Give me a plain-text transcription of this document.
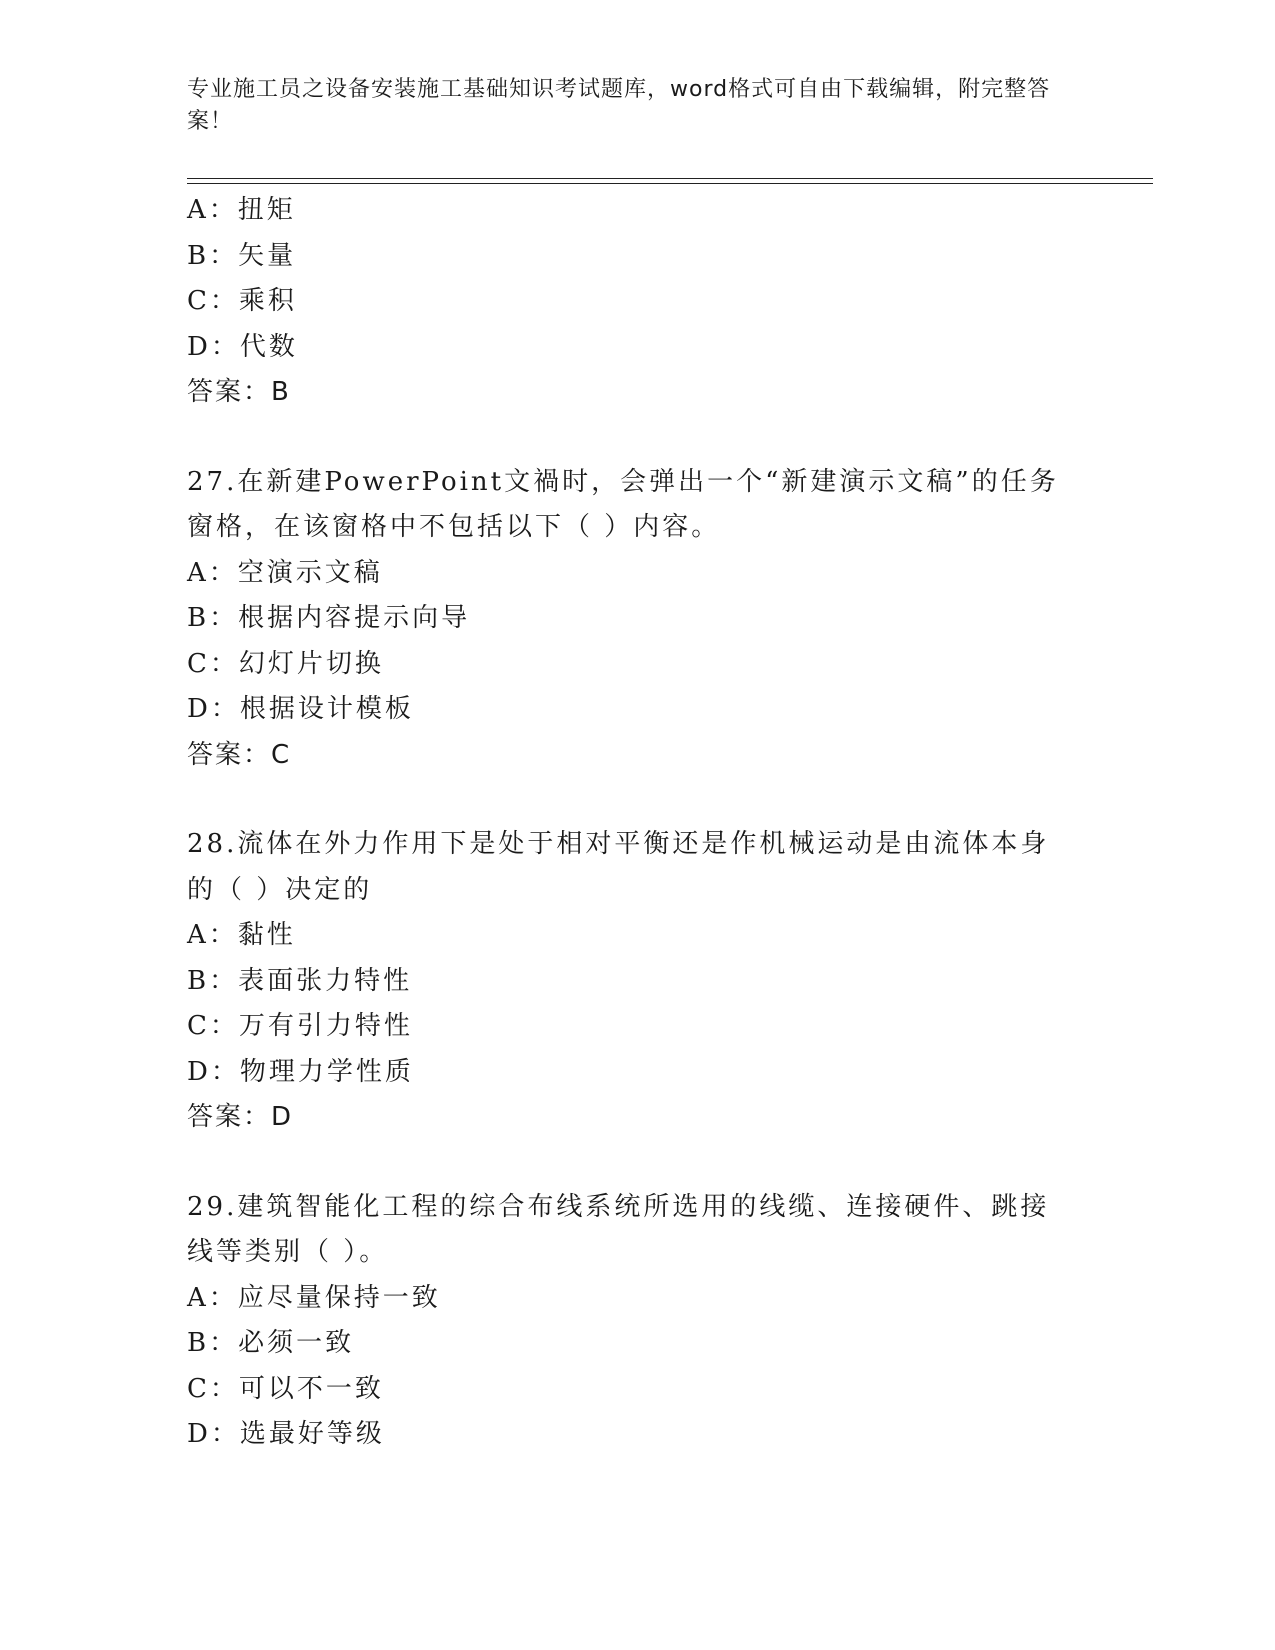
专业施工员之设备安装施工基础知识考试题库，word格式可自由下载编辑，附完整答案！
A：扭矩
B：矢量
C：乘积
D：代数
答案：B
27.在新建PowerPoint文禍时，会弹出一个“新建演示文稿”的任务窗格，在该窗格中不包括以下（ ）内容。
A：空演示文稿
B：根据内容提示向导
C：幻灯片切换
D：根据设计模板
答案：C
28.流体在外力作用下是处于相对平衡还是作机械运动是由流体本身的（ ）决定的
A：黏性
B：表面张力特性
C：万有引力特性
D：物理力学性质
答案：D
29.建筑智能化工程的综合布线系统所选用的线缆、连接硬件、跳接线等类别（ ）。
A：应尽量保持一致
B：必须一致
C：可以不一致
D：选最好等级
